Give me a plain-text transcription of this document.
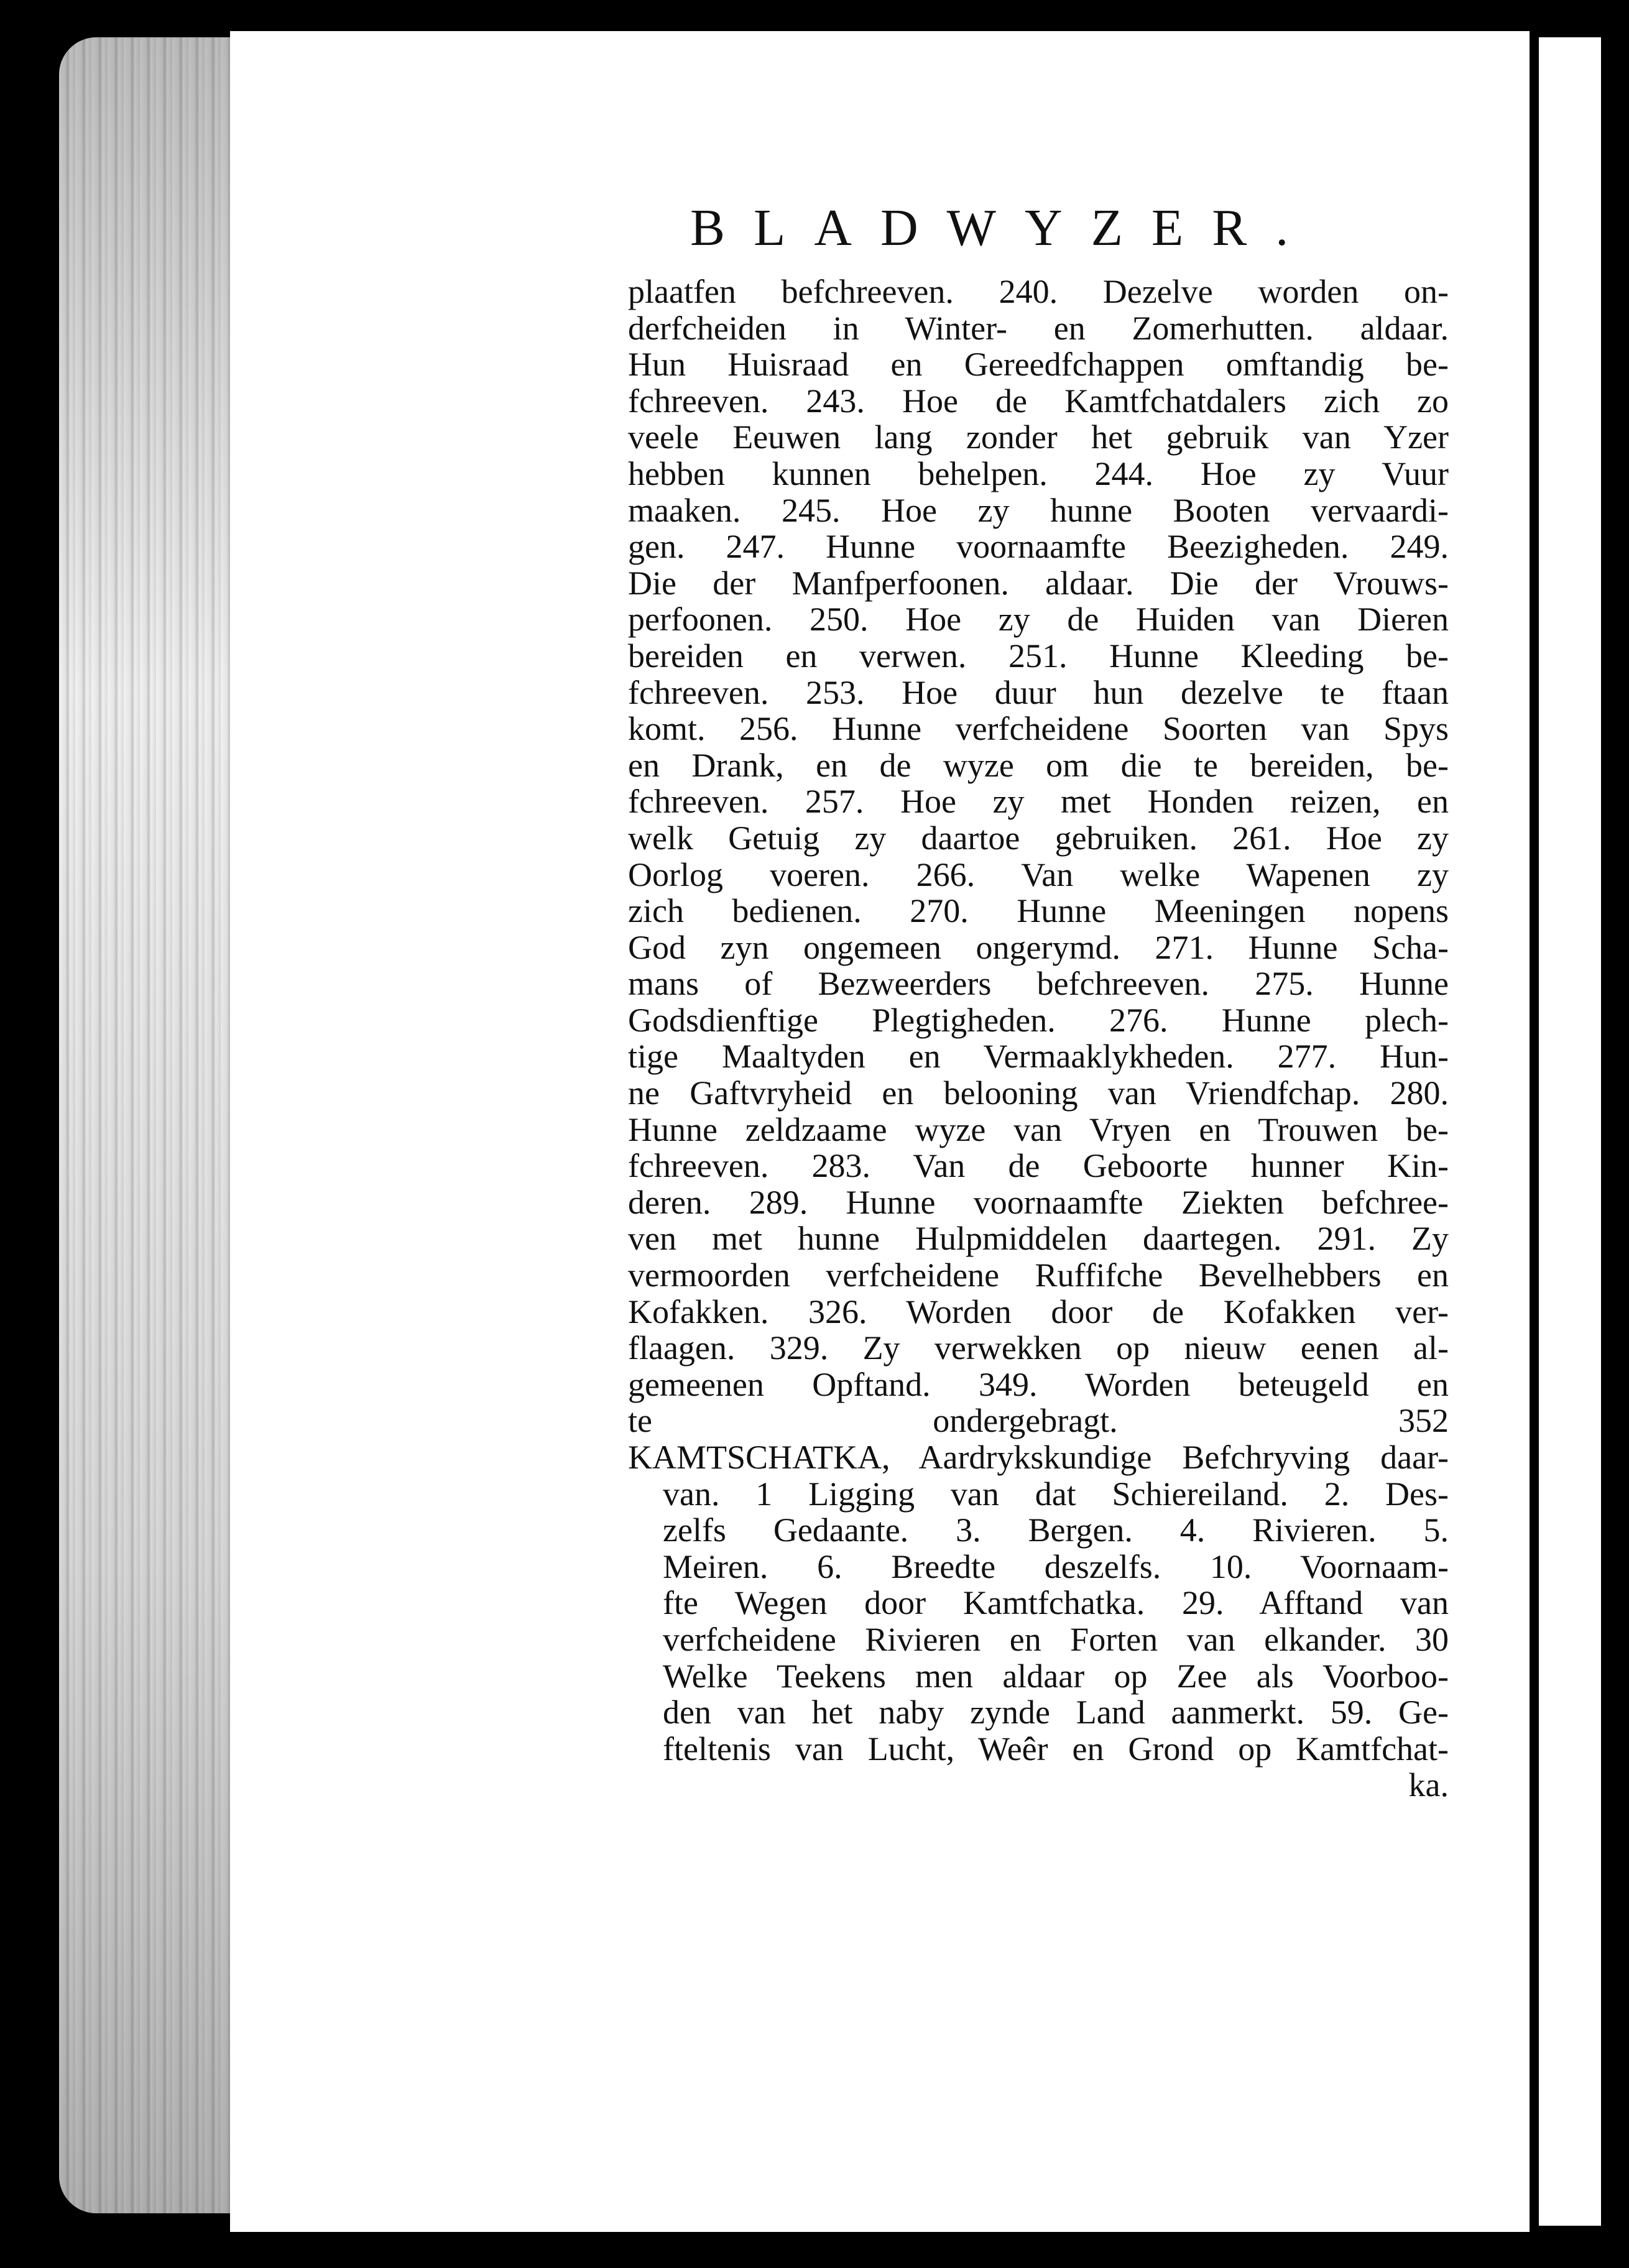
BLADWYZER.
plaatfen befchreeven. 240. Dezelve worden on-
derfcheiden in Winter- en Zomerhutten. aldaar.
Hun Huisraad en Gereedfchappen omftandig be-
fchreeven. 243. Hoe de Kamtfchatdalers zich zo
veele Eeuwen lang zonder het gebruik van Yzer
hebben kunnen behelpen. 244. Hoe zy Vuur
maaken. 245. Hoe zy hunne Booten vervaardi-
gen. 247. Hunne voornaamfte Beezigheden. 249.
Die der Manfperfoonen. aldaar. Die der Vrouws-
perfoonen. 250. Hoe zy de Huiden van Dieren
bereiden en verwen. 251. Hunne Kleeding be-
fchreeven. 253. Hoe duur hun dezelve te ftaan
komt. 256. Hunne verfcheidene Soorten van Spys
en Drank, en de wyze om die te bereiden, be-
fchreeven. 257. Hoe zy met Honden reizen, en
welk Getuig zy daartoe gebruiken. 261. Hoe zy
Oorlog voeren. 266. Van welke Wapenen zy
zich bedienen. 270. Hunne Meeningen nopens
God zyn ongemeen ongerymd. 271. Hunne Scha-
mans of Bezweerders befchreeven. 275. Hunne
Godsdienftige Plegtigheden. 276. Hunne plech-
tige Maaltyden en Vermaaklykheden. 277. Hun-
ne Gaftvryheid en belooning van Vriendfchap. 280.
Hunne zeldzaame wyze van Vryen en Trouwen be-
fchreeven. 283. Van de Geboorte hunner Kin-
deren. 289. Hunne voornaamfte Ziekten befchree-
ven met hunne Hulpmiddelen daartegen. 291. Zy
vermoorden verfcheidene Ruffifche Bevelhebbers en
Kofakken. 326. Worden door de Kofakken ver-
flaagen. 329. Zy verwekken op nieuw eenen al-
gemeenen Opftand. 349. Worden beteugeld en
te ondergebragt. 352
KAMTSCHATKA, Aardrykskundige Befchryving daar-
van. 1 Ligging van dat Schiereiland. 2. Des-
zelfs Gedaante. 3. Bergen. 4. Rivieren. 5.
Meiren. 6. Breedte deszelfs. 10. Voornaam-
fte Wegen door Kamtfchatka. 29. Afftand van
verfcheidene Rivieren en Forten van elkander. 30
Welke Teekens men aldaar op Zee als Voorboo-
den van het naby zynde Land aanmerkt. 59. Ge-
fteltenis van Lucht, Weêr en Grond op Kamtfchat-
ka.
